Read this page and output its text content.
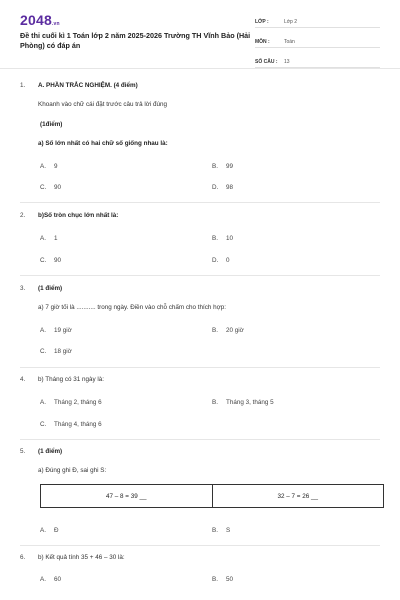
2048.vn
Đề thi cuối kì 1 Toán lớp 2 năm 2025-2026 Trường TH Vĩnh Bảo (Hải Phòng) có đáp án
LỚP :	Lớp 2
MÔN :	Toán
SỐ CÂU :	13
1. A. PHẦN TRẮC NGHIỆM. (4 điểm)
Khoanh vào chữ cái đặt trước câu trả lời đúng
(1điểm)
a) Số lớn nhất có hai chữ số giống nhau là:
A. 9	B. 99
C. 90	D. 98
2. b)Số tròn chục lớn nhất là:
A. 1	B. 10
C. 90	D. 0
3. (1 điểm)
a) 7 giờ tối là ........... trong ngày. Điền vào chỗ chấm cho thích hợp:
A. 19 giờ	B. 20 giờ
C. 18 giờ
4. b) Tháng có 31 ngày là:
A. Tháng 2, tháng 6	B. Tháng 3, tháng 5
C. Tháng 4, tháng 6
5. (1 điểm)
a) Đúng ghi Đ, sai ghi S:
47 – 8 = 39 __	32 – 7 = 26 __
A. Đ	B. S
6. b) Kết quả tính 35 + 46 – 30 là:
A. 60	B. 50
